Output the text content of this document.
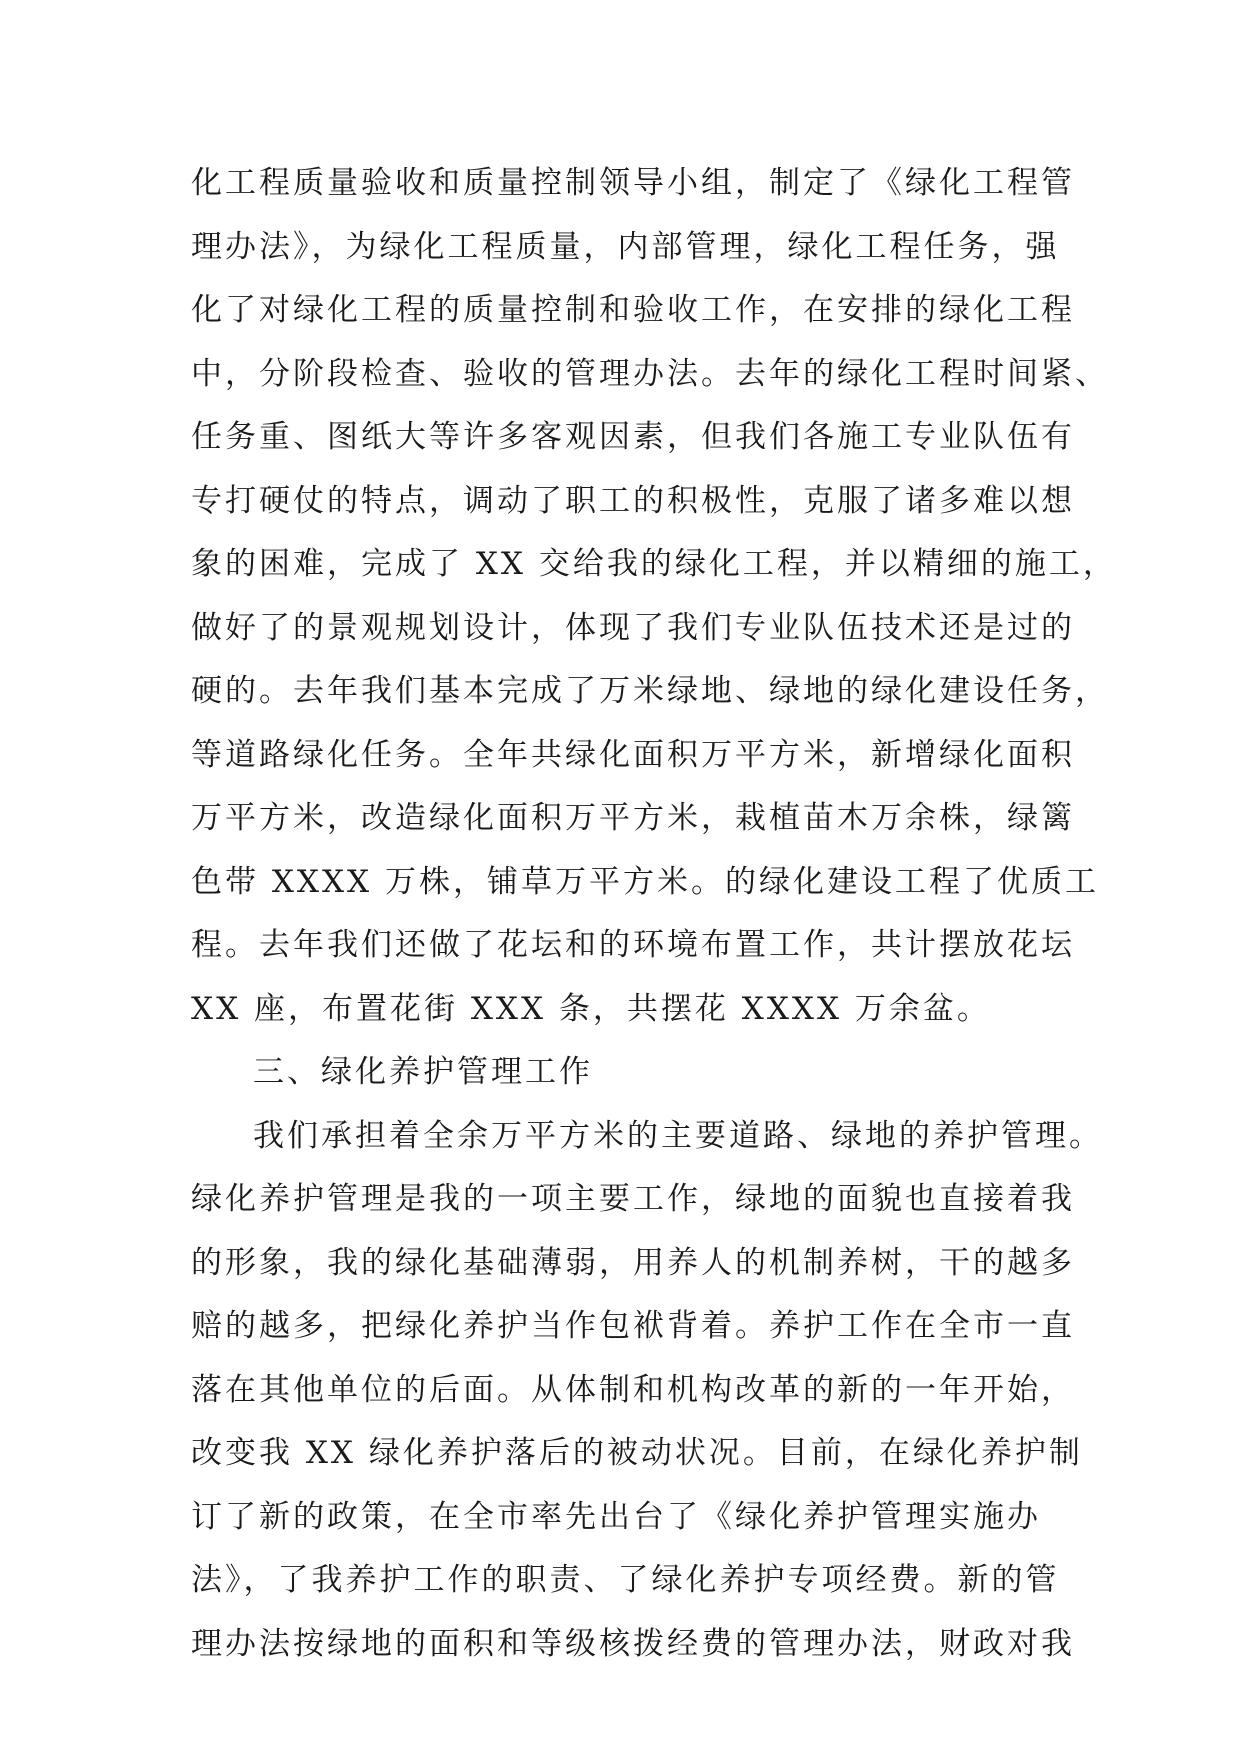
化工程质量验收和质量控制领导小组，制定了《绿化工程管
理办法》，为绿化工程质量，内部管理，绿化工程任务，强
化了对绿化工程的质量控制和验收工作，在安排的绿化工程
中，分阶段检查、验收的管理办法。去年的绿化工程时间紧、
任务重、图纸大等许多客观因素，但我们各施工专业队伍有
专打硬仗的特点，调动了职工的积极性，克服了诸多难以想
象的困难，完成了 XX 交给我的绿化工程，并以精细的施工，
做好了的景观规划设计，体现了我们专业队伍技术还是过的
硬的。去年我们基本完成了万米绿地、绿地的绿化建设任务，
等道路绿化任务。全年共绿化面积万平方米，新增绿化面积
万平方米，改造绿化面积万平方米，栽植苗木万余株，绿篱
色带 XXXX 万株，铺草万平方米。的绿化建设工程了优质工
程。去年我们还做了花坛和的环境布置工作，共计摆放花坛
XX 座，布置花街 XXX 条，共摆花 XXXX 万余盆。
三、绿化养护管理工作
我们承担着全余万平方米的主要道路、绿地的养护管理。
绿化养护管理是我的一项主要工作，绿地的面貌也直接着我
的形象，我的绿化基础薄弱，用养人的机制养树，干的越多
赔的越多，把绿化养护当作包袱背着。养护工作在全市一直
落在其他单位的后面。从体制和机构改革的新的一年开始，
改变我 XX 绿化养护落后的被动状况。目前，在绿化养护制
订了新的政策，在全市率先出台了《绿化养护管理实施办
法》，了我养护工作的职责、了绿化养护专项经费。新的管
理办法按绿地的面积和等级核拨经费的管理办法，财政对我
